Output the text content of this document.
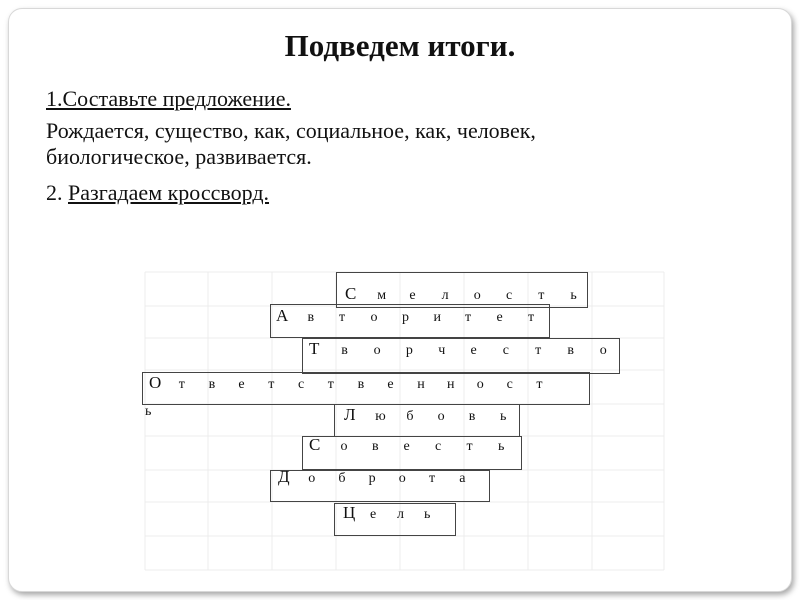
Подведем итоги.
1.Составьте предложение.
Рождается, существо, как, социальное, как, человек,
биологическое, развивается.
2. Разгадаем кроссворд.
С м е л о с т ь
А в т о р и т е т
Т в о р ч е с т в о
О т в е т с т в е н н о с т
ь	Л ю б о в ь
С о в е с т ь
Д о б р о т а
Ц е л ь
